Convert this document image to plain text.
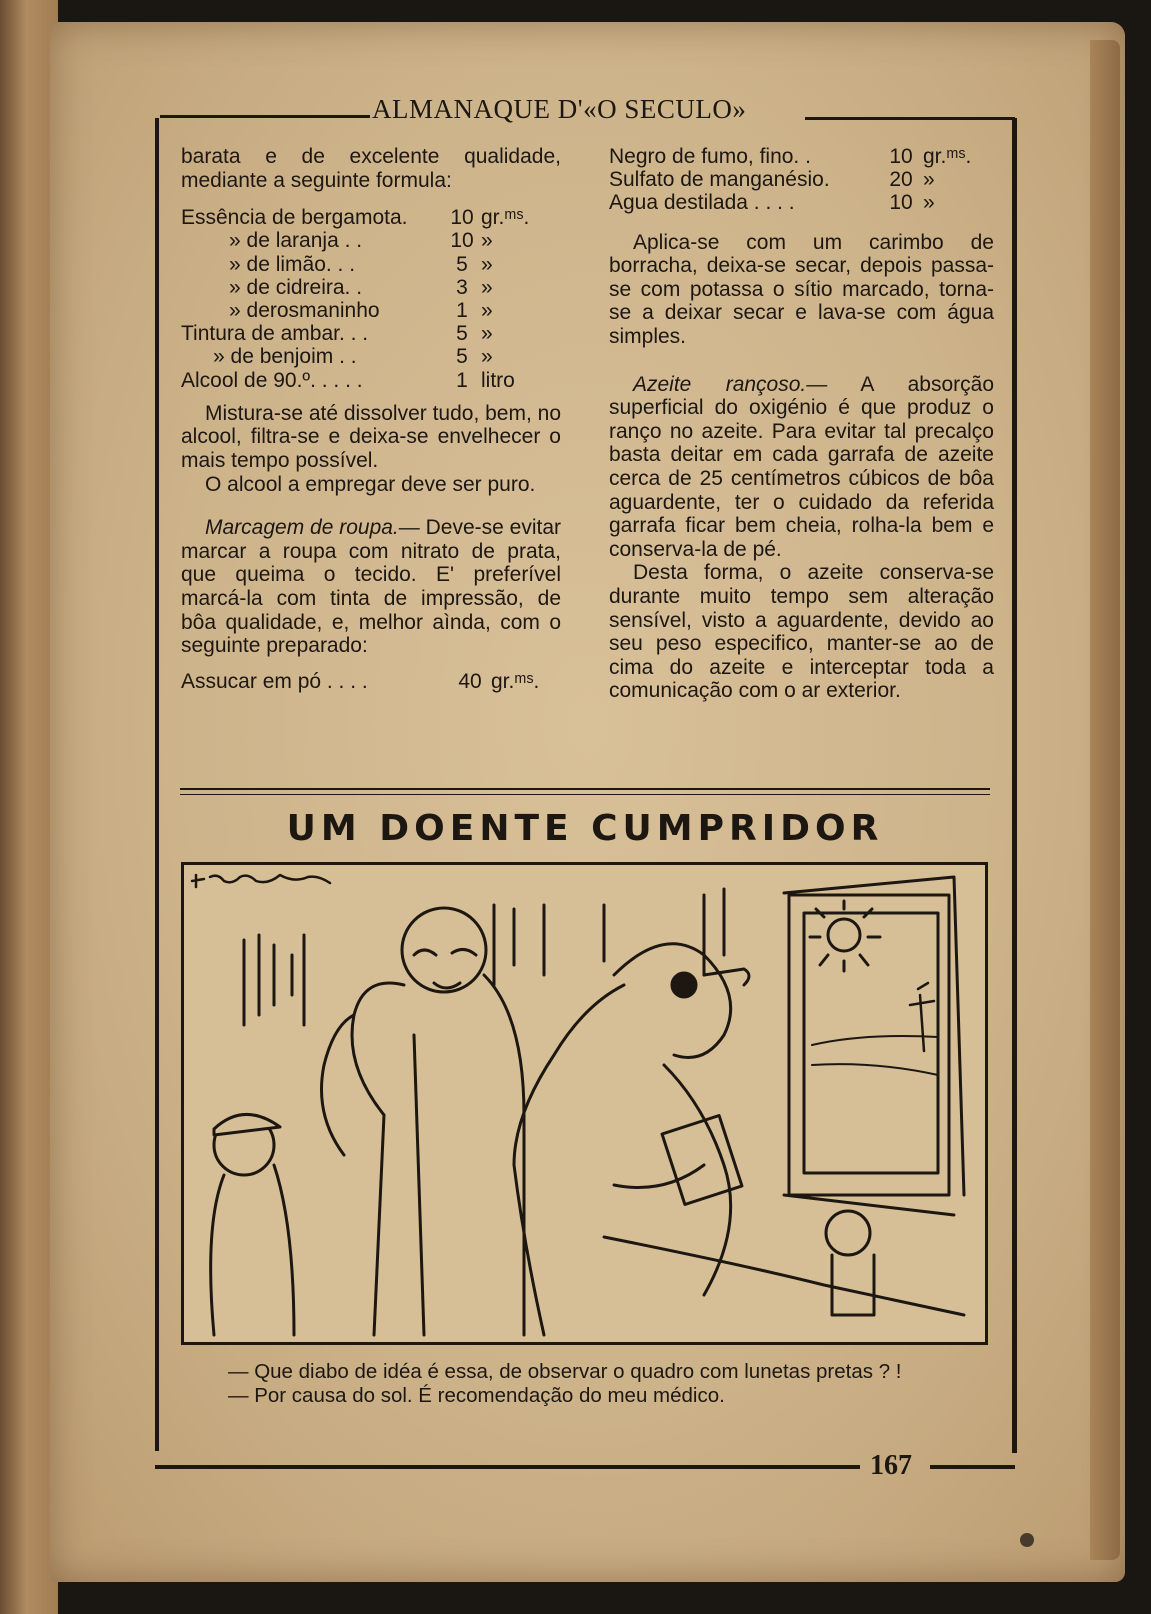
ALMANAQUE D'«O SECULO»

barata e de excelente qualidade, mediante a seguinte formula:

Essência de bergamota.	10 gr.ᵐˢ.
» de laranja . .	10 »
» de limão. . .	5 »
» de cidreira. .	3 »
» derosmaninho	1 »
Tintura de ambar. . .	5 »
» de benjoim . .	5 »
Alcool de 90.º. . . . .	1 litro

Mistura-se até dissolver tudo, bem, no alcool, filtra-se e deixa-se envelhecer o mais tempo possível.

O alcool a empregar deve ser puro.

Marcagem de roupa.— Deve-se evitar marcar a roupa com nitrato de prata, que queima o tecido. E' preferível marcá-la com tinta de impressão, de bôa qualidade, e, melhor aìnda, com o seguinte preparado:

Assucar em pó . . . .	40 gr.ᵐˢ.
Negro de fumo, fino. .	10 gr.ᵐˢ.
Sulfato de manganésio.	20 »
Agua destilada . . . .	10 »

Aplica-se com um carimbo de borracha, deixa-se secar, depois passa-se com potassa o sítio marcado, torna-se a deixar secar e lava-se com água simples.

Azeite rançoso.— A absorção superficial do oxigénio é que produz o ranço no azeite. Para evitar tal precalço basta deitar em cada garrafa de azeite cerca de 25 centímetros cúbicos de bôa aguardente, ter o cuidado da referida garrafa ficar bem cheia, rolha-la bem e conserva-la de pé.

Desta forma, o azeite conserva-se durante muito tempo sem alteração sensível, visto a aguardente, devido ao seu peso especifico, manter-se ao de cima do azeite e interceptar toda a comunicação com o ar exterior.

UM DOENTE CUMPRIDOR

— Que diabo de idéa é essa, de observar o quadro com lunetas pretas ? !

— Por causa do sol. É recomendação do meu médico.

167
